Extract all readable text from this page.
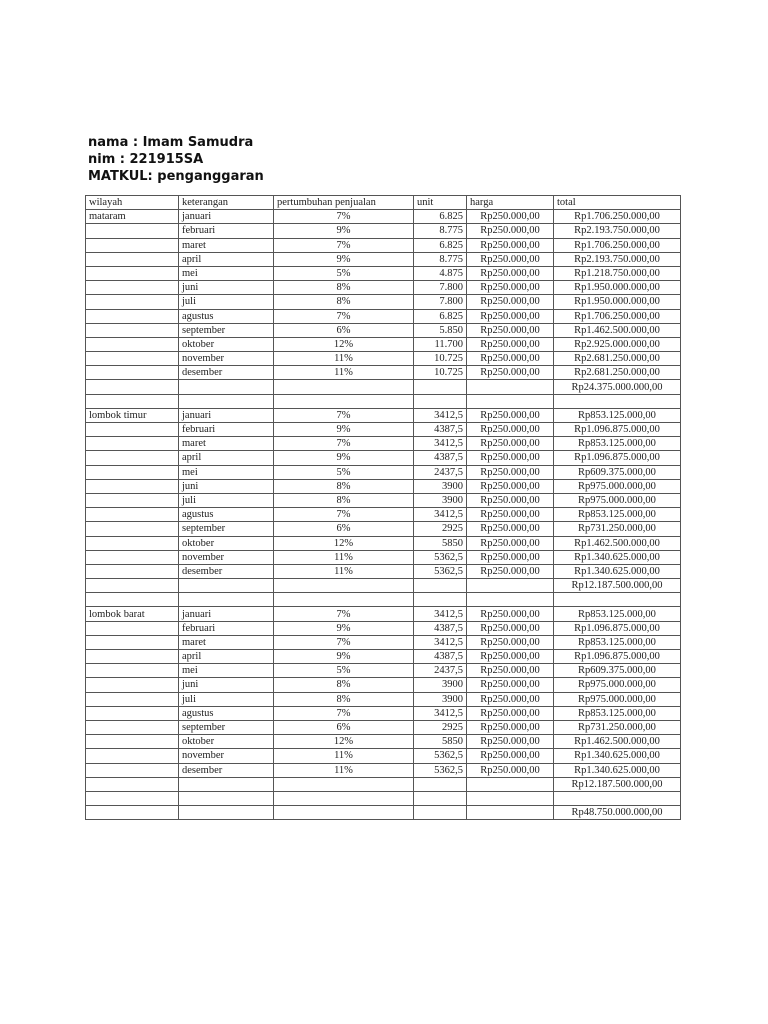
nama : Imam Samudra
nim : 221915SA
MATKUL: penganggaran
wilayah	keterangan	pertumbuhan penjualan	unit	harga	total
mataram	januari	7%	6.825	Rp250.000,00	Rp1.706.250.000,00
	februari	9%	8.775	Rp250.000,00	Rp2.193.750.000,00
	maret	7%	6.825	Rp250.000,00	Rp1.706.250.000,00
	april	9%	8.775	Rp250.000,00	Rp2.193.750.000,00
	mei	5%	4.875	Rp250.000,00	Rp1.218.750.000,00
	juni	8%	7.800	Rp250.000,00	Rp1.950.000.000,00
	juli	8%	7.800	Rp250.000,00	Rp1.950.000.000,00
	agustus	7%	6.825	Rp250.000,00	Rp1.706.250.000,00
	september	6%	5.850	Rp250.000,00	Rp1.462.500.000,00
	oktober	12%	11.700	Rp250.000,00	Rp2.925.000.000,00
	november	11%	10.725	Rp250.000,00	Rp2.681.250.000,00
	desember	11%	10.725	Rp250.000,00	Rp2.681.250.000,00
					Rp24.375.000.000,00

lombok timur	januari	7%	3412,5	Rp250.000,00	Rp853.125.000,00
	februari	9%	4387,5	Rp250.000,00	Rp1.096.875.000,00
	maret	7%	3412,5	Rp250.000,00	Rp853.125.000,00
	april	9%	4387,5	Rp250.000,00	Rp1.096.875.000,00
	mei	5%	2437,5	Rp250.000,00	Rp609.375.000,00
	juni	8%	3900	Rp250.000,00	Rp975.000.000,00
	juli	8%	3900	Rp250.000,00	Rp975.000.000,00
	agustus	7%	3412,5	Rp250.000,00	Rp853.125.000,00
	september	6%	2925	Rp250.000,00	Rp731.250.000,00
	oktober	12%	5850	Rp250.000,00	Rp1.462.500.000,00
	november	11%	5362,5	Rp250.000,00	Rp1.340.625.000,00
	desember	11%	5362,5	Rp250.000,00	Rp1.340.625.000,00
					Rp12.187.500.000,00

lombok barat	januari	7%	3412,5	Rp250.000,00	Rp853.125.000,00
	februari	9%	4387,5	Rp250.000,00	Rp1.096.875.000,00
	maret	7%	3412,5	Rp250.000,00	Rp853.125.000,00
	april	9%	4387,5	Rp250.000,00	Rp1.096.875.000,00
	mei	5%	2437,5	Rp250.000,00	Rp609.375.000,00
	juni	8%	3900	Rp250.000,00	Rp975.000.000,00
	juli	8%	3900	Rp250.000,00	Rp975.000.000,00
	agustus	7%	3412,5	Rp250.000,00	Rp853.125.000,00
	september	6%	2925	Rp250.000,00	Rp731.250.000,00
	oktober	12%	5850	Rp250.000,00	Rp1.462.500.000,00
	november	11%	5362,5	Rp250.000,00	Rp1.340.625.000,00
	desember	11%	5362,5	Rp250.000,00	Rp1.340.625.000,00
					Rp12.187.500.000,00

					Rp48.750.000.000,00
